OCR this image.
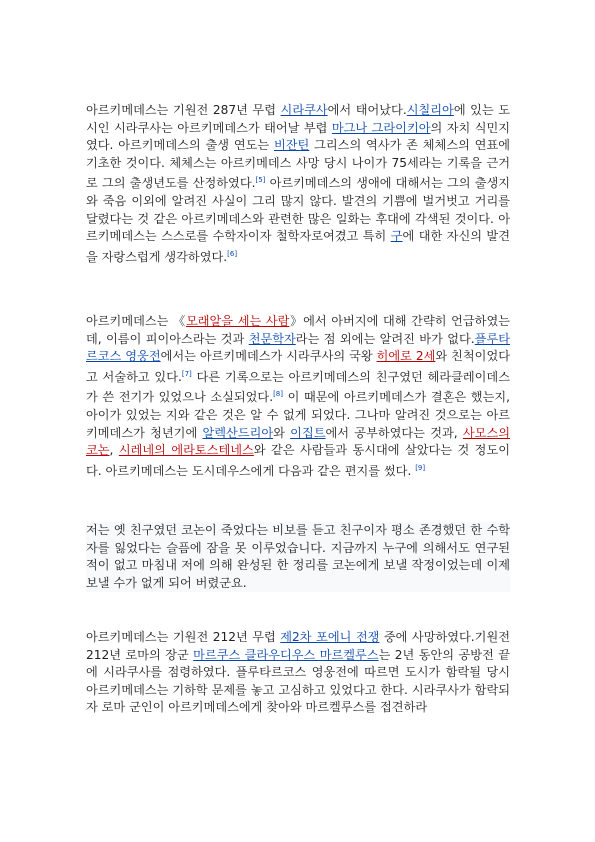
아르키메데스는 기원전 287년 무렵 시라쿠사에서 태어났다.시칠리아에 있는 도시인 시라쿠사는 아르키메데스가 태어날 부렵 마그나 그라이키아의 자치 식민지였다. 아르키메데스의 출생 연도는 비잔틴 그리스의 역사가 존 체체스의 연표에 기초한 것이다. 체체스는 아르키메데스 사망 당시 나이가 75세라는 기록을 근거로 그의 출생년도를 산정하였다.[5] 아르키메데스의 생애에 대해서는 그의 출생지와 죽음 이외에 알려진 사실이 그리 많지 않다. 발견의 기쁨에 벌거벗고 거리를 달렸다는 것 같은 아르키메데스와 관련한 많은 일화는 후대에 각색된 것이다. 아르키메데스는 스스로를 수학자이자 철학자로여겼고 특히 구에 대한 자신의 발견을 자랑스럽게 생각하였다.[6]

아르키메데스는 《모래알을 세는 사람》에서 아버지에 대해 간략히 언급하였는데, 이름이 피이아스라는 것과 천문학자라는 점 외에는 알려진 바가 없다.플루타르코스 영웅전에서는 아르키메데스가 시라쿠사의 국왕 히에로 2세와 친척이었다고 서술하고 있다.[7] 다른 기록으로는 아르키메데스의 친구였던 헤라클레이데스가 쓴 전기가 있었으나 소실되었다.[8] 이 때문에 아르키메데스가 결혼은 했는지, 아이가 있었는 지와 같은 것은 알 수 없게 되었다. 그나마 알려진 것으로는 아르키메데스가 청년기에 알렉산드리아와 이집트에서 공부하였다는 것과, 사모스의 코논, 시레네의 에라토스테네스와 같은 사람들과 동시대에 살았다는 것 정도이다. 아르키메데스는 도시데우스에게 다음과 같은 편지를 썼다. [9]

저는 옛 친구였던 코논이 죽었다는 비보를 듣고 친구이자 평소 존경했던 한 수학자를 잃었다는 슬픔에 잠을 못 이루었습니다. 지금까지 누구에 의해서도 연구된 적이 없고 마침내 저에 의해 완성된 한 정리를 코논에게 보낼 작정이었는데 이제 보낼 수가 없게 되어 버렸군요.

아르키메데스는 기원전 212년 무렵 제2차 포에니 전쟁 중에 사망하였다.기원전 212년 로마의 장군 마르쿠스 클라우디우스 마르켈루스는 2년 동안의 공방전 끝에 시라쿠사를 점령하였다. 플루타르코스 영웅전에 따르면 도시가 함락될 당시 아르키메데스는 기하학 문제를 놓고 고심하고 있었다고 한다. 시라쿠사가 함락되자 로마 군인이 아르키메데스에게 찾아와 마르켈루스를 접견하라
